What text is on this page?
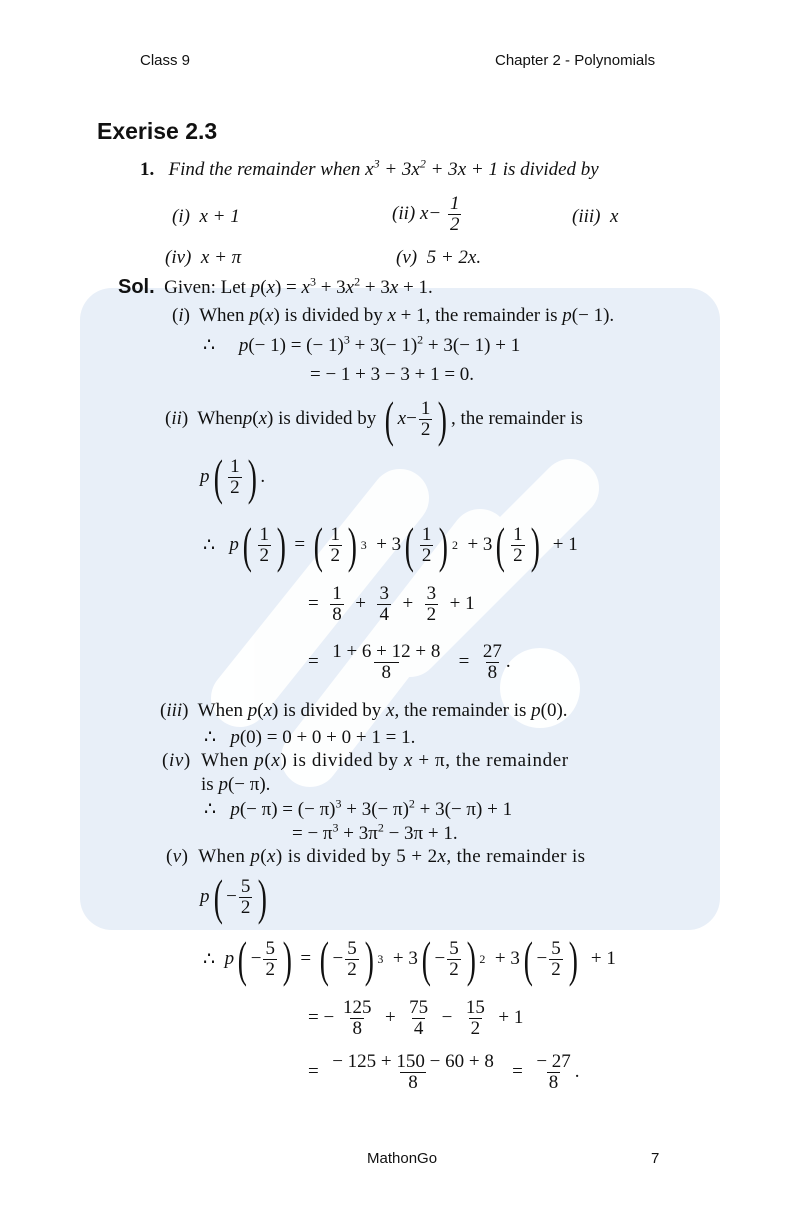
Class 9	Chapter 2 - Polynomials
Exerise 2.3
1.   Find the remainder when $x^3 + 3x^2 + 3x + 1$ is divided by
(i)  x + 1	( ii ) $x - \frac{1}{2}$	(iii)  x
(iv)  x + π	(v)  5 + 2x.
Sol.  Given: Let $p(x) = x^3 + 3x^2 + 3x + 1$.
(i)  When p(x) is divided by x + 1, the remainder is p(− 1).
∴     p(− 1) = (− $1)^3 + 3(- 1)^2 + 3(- 1) + 1$
= − 1 + 3 − 3 + 1 = 0.
( ii )  When p ( x ) is divided by ( $x - \frac{1}{2}$ ) , the remainder is
p ( $\frac{1}{2}$ ) .
∴ p ( $\frac{1}{2}$ ) = ( $\frac{1}{2}$ ) 3 + 3 ( $\frac{1}{2}$ ) 2 + 3 ( $\frac{1}{2}$ ) + 1
= $\frac{1}{8} + \frac{3}{4} + \frac{3}{2} + 1$
= $\frac{1 + 6 + 12 + 8}{8} = \frac{27}{8}$ .
(iii)  When p(x) is divided by x, the remainder is p(0).
∴   p(0) = 0 + 0 + 0 + 1 = 1.
(iv)  When p(x) is divided by x + π, the remainder
is p(− π).
∴   p(− π) = (− $\pi)^3 + 3(- \pi)^2 + 3(- \pi) + 1$
= − $\pi^3 + 3\pi^2 - 3\pi + 1$.
(v)  When p(x) is divided by 5 + 2x, the remainder is
p ( − $\frac{5}{2}$ )
∴ p ( − $\frac{5}{2}$ ) = ( − $\frac{5}{2}$ ) 3 + 3 ( − $\frac{5}{2}$ ) 2 + 3 ( − $\frac{5}{2}$ ) + 1
= − $\frac{125}{8} + \frac{75}{4} - \frac{15}{2} + 1$
= $\frac{- 125 + 150 - 60 + 8}{8} = \frac{- 27}{8}$ .
MathonGo	7
